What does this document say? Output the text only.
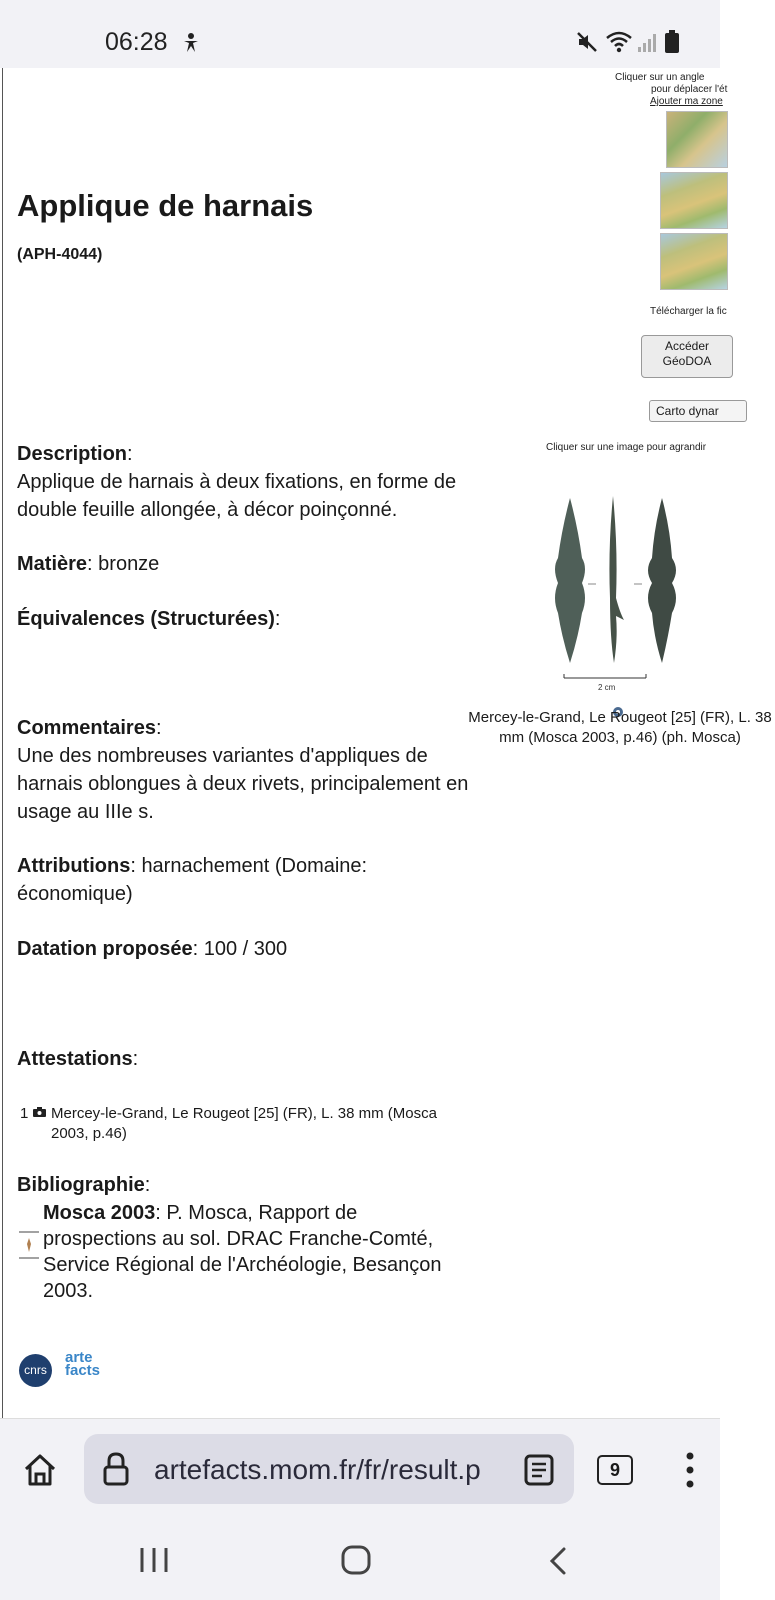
06:28
Cliquer sur un angle
pour déplacer l'ét
Ajouter ma zone
Télécharger la fic
Accéder
GéoDOA
Carto dynar
Applique de harnais
(APH-4044)
Description:
Applique de harnais à deux fixations, en forme de double feuille allongée, à décor poinçonné.
Matière: bronze
Équivalences (Structurées):
Cliquer sur une image pour agrandir
2 cm
Mercey-le-Grand, Le Rougeot [25] (FR), L. 38 mm (Mosca 2003, p.46) (ph. Mosca)
Commentaires:
Une des nombreuses variantes d'appliques de harnais oblongues à deux rivets, principalement en usage au IIIe s.
Attributions: harnachement (Domaine: économique)
Datation proposée: 100 / 300
Attestations:
1 Mercey-le-Grand, Le Rougeot [25] (FR), L. 38 mm (Mosca 2003, p.46)
Bibliographie:
Mosca 2003: P. Mosca, Rapport de prospections au sol. DRAC Franche-Comté, Service Régional de l'Archéologie, Besançon 2003.
cnrs
arte facts
artefacts.mom.fr/fr/result.p	9
